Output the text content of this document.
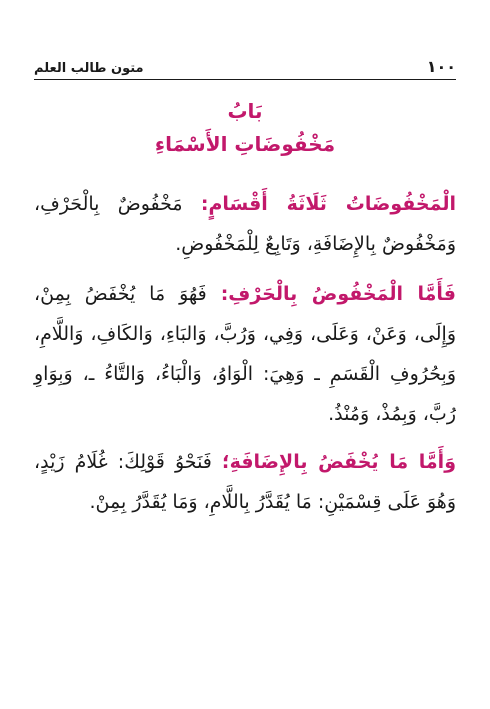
متون طالب العلم	١٠٠
بَابُ
مَخْفُوضَاتِ الأَسْمَاءِ

الْمَخْفُوضَاتُ ثَلَاثَةُ أَقْسَامٍ: مَخْفُوضٌ بِالْحَرْفِ، وَمَخْفُوضٌ بِالإِضَافَةِ، وَتَابِعٌ لِلْمَخْفُوضِ.

فَأَمَّا الْمَخْفُوضُ بِالْحَرْفِ: فَهُوَ مَا يُخْفَضُ بِمِنْ، وَإِلَى، وَعَنْ، وَعَلَى، وَفِي، وَرُبَّ، وَالبَاءِ، وَالكَافِ، وَاللَّامِ، وَبِحُرُوفِ الْقَسَمِ ـ وَهِيَ: الْوَاوُ، وَالْبَاءُ، وَالتَّاءُ ـ، وَبِوَاوِ رُبَّ، وَبِمُذْ، وَمُنْذُ.

وَأَمَّا مَا يُخْفَضُ بِالإِضَافَةِ؛ فَنَحْوُ قَوْلِكَ: غُلَامُ زَيْدٍ، وَهُوَ عَلَى قِسْمَيْنِ: مَا يُقَدَّرُ بِاللَّامِ، وَمَا يُقَدَّرُ بِمِنْ.
